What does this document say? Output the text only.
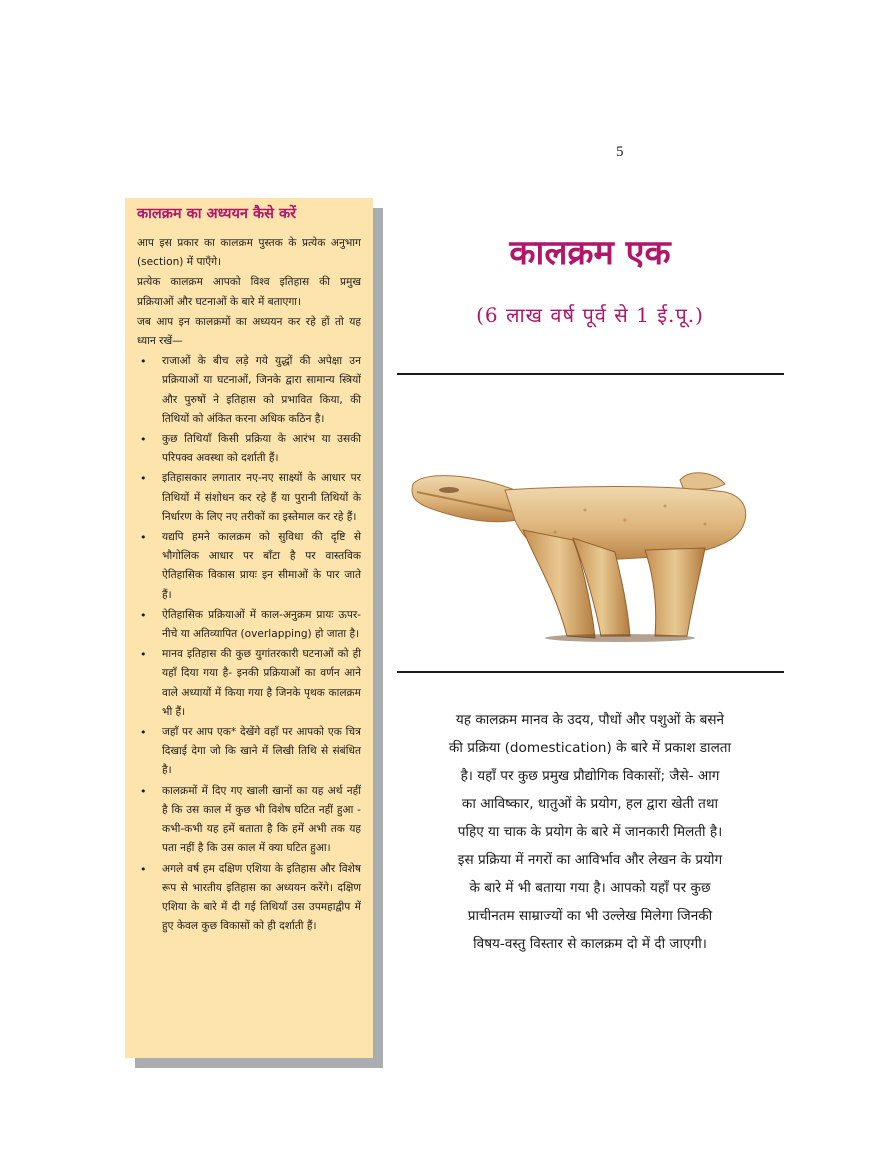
5
कालक्रम का अध्ययन कैसे करें

आप इस प्रकार का कालक्रम पुस्तक के प्रत्येक अनुभाग (section) में पाएँगे।

प्रत्येक कालक्रम आपको विश्व इतिहास की प्रमुख प्रक्रियाओं और घटनाओं के बारे में बताएगा।

जब आप इन कालक्रमों का अध्ययन कर रहे हों तो यह ध्यान रखें—

• राजाओं के बीच लड़े गये युद्धों की अपेक्षा उन प्रक्रियाओं या घटनाओं, जिनके द्वारा सामान्य स्त्रियों और पुरुषों ने इतिहास को प्रभावित किया, की तिथियों को अंकित करना अधिक कठिन है।
• कुछ तिथियाँ किसी प्रक्रिया के आरंभ या उसकी परिपक्व अवस्था को दर्शाती हैं।
• इतिहासकार लगातार नए-नए साक्ष्यों के आधार पर तिथियों में संशोधन कर रहे हैं या पुरानी तिथियों के निर्धारण के लिए नए तरीकों का इस्तेमाल कर रहे हैं।
• यद्यपि हमने कालक्रम को सुविधा की दृष्टि से भौगोलिक आधार पर बाँटा है पर वास्तविक ऐतिहासिक विकास प्रायः इन सीमाओं के पार जाते हैं।
• ऐतिहासिक प्रक्रियाओं में काल-अनुक्रम प्रायः ऊपर-नीचे या अतिव्यापित (overlapping) हो जाता है।
• मानव इतिहास की कुछ युगांतरकारी घटनाओं को ही यहाँ दिया गया है- इनकी प्रक्रियाओं का वर्णन आने वाले अध्यायों में किया गया है जिनके पृथक कालक्रम भी हैं।
• जहाँ पर आप एक* देखेंगे वहाँ पर आपको एक चित्र दिखाई देगा जो कि खाने में लिखी तिथि से संबंधित है।
• कालक्रमों में दिए गए खाली खानों का यह अर्थ नहीं है कि उस काल में कुछ भी विशेष घटित नहीं हुआ - कभी-कभी यह हमें बताता है कि हमें अभी तक यह पता नहीं है कि उस काल में क्या घटित हुआ।
• अगले वर्ष हम दक्षिण एशिया के इतिहास और विशेष रूप से भारतीय इतिहास का अध्ययन करेंगे। दक्षिण एशिया के बारे में दी गई तिथियाँ उस उपमहाद्वीप में हुए केवल कुछ विकासों को ही दर्शाती हैं।
कालक्रम एक
(6 लाख वर्ष पूर्व से 1 ई.पू.)
यह कालक्रम मानव के उदय, पौधों और पशुओं के बसने
की प्रक्रिया (domestication) के बारे में प्रकाश डालता
है। यहाँ पर कुछ प्रमुख प्रौद्योगिक विकासों; जैसे- आग
का आविष्कार, धातुओं के प्रयोग, हल द्वारा खेती तथा
पहिए या चाक के प्रयोग के बारे में जानकारी मिलती है।
इस प्रक्रिया में नगरों का आविर्भाव और लेखन के प्रयोग
के बारे में भी बताया गया है। आपको यहाँ पर कुछ
प्राचीनतम साम्राज्यों का भी उल्लेख मिलेगा जिनकी
विषय-वस्तु विस्तार से कालक्रम दो में दी जाएगी।
